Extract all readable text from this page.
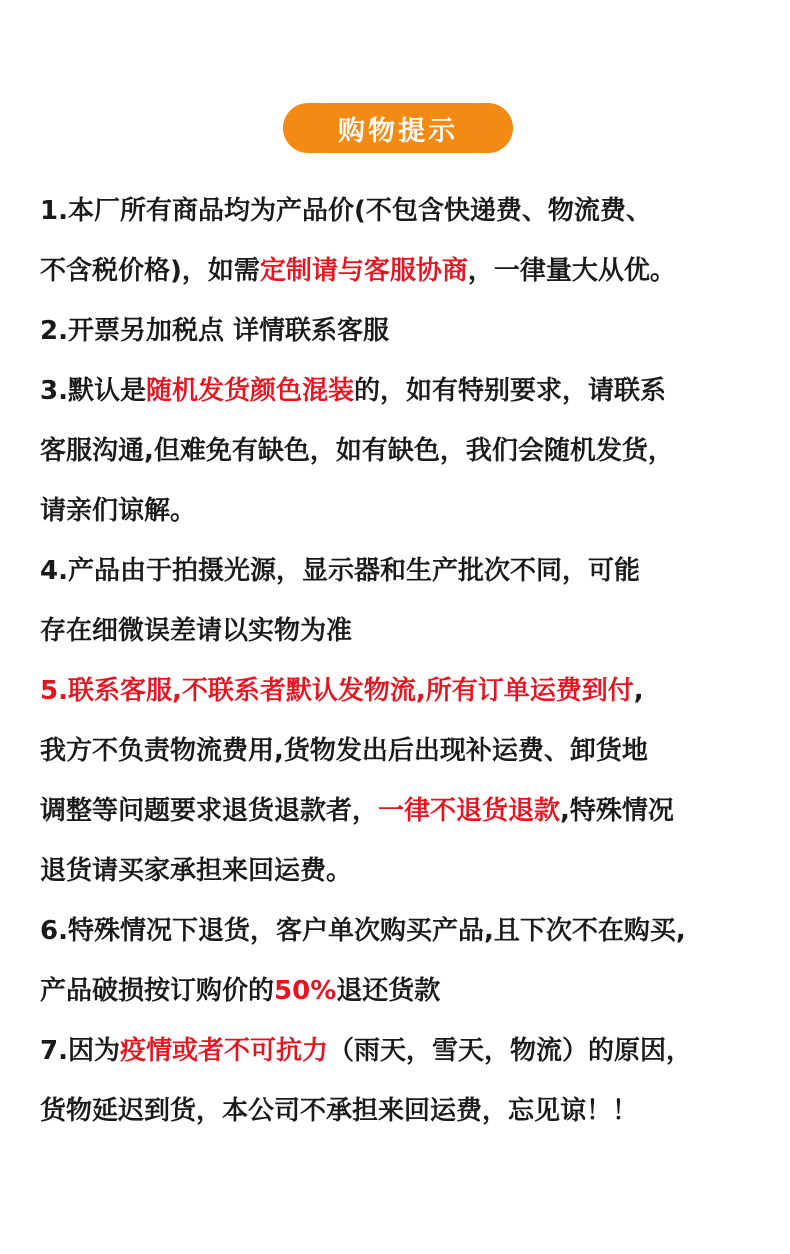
购物提示
1.本厂所有商品均为产品价(不包含快递费、物流费、
不含税价格)，如需定制请与客服协商，一律量大从优。
2.开票另加税点 详情联系客服
3.默认是随机发货颜色混装的，如有特别要求，请联系
客服沟通,但难免有缺色，如有缺色，我们会随机发货，
请亲们谅解。
4.产品由于拍摄光源，显示器和生产批次不同，可能
存在细微误差请以实物为准
5.联系客服,不联系者默认发物流,所有订单运费到付,
我方不负责物流费用,货物发出后出现补运费、卸货地
调整等问题要求退货退款者，一律不退货退款,特殊情况
退货请买家承担来回运费。
6.特殊情况下退货，客户单次购买产品,且下次不在购买,
产品破损按订购价的50%退还货款
7.因为疫情或者不可抗力（雨天，雪天，物流）的原因，
货物延迟到货，本公司不承担来回运费，忘见谅！！
